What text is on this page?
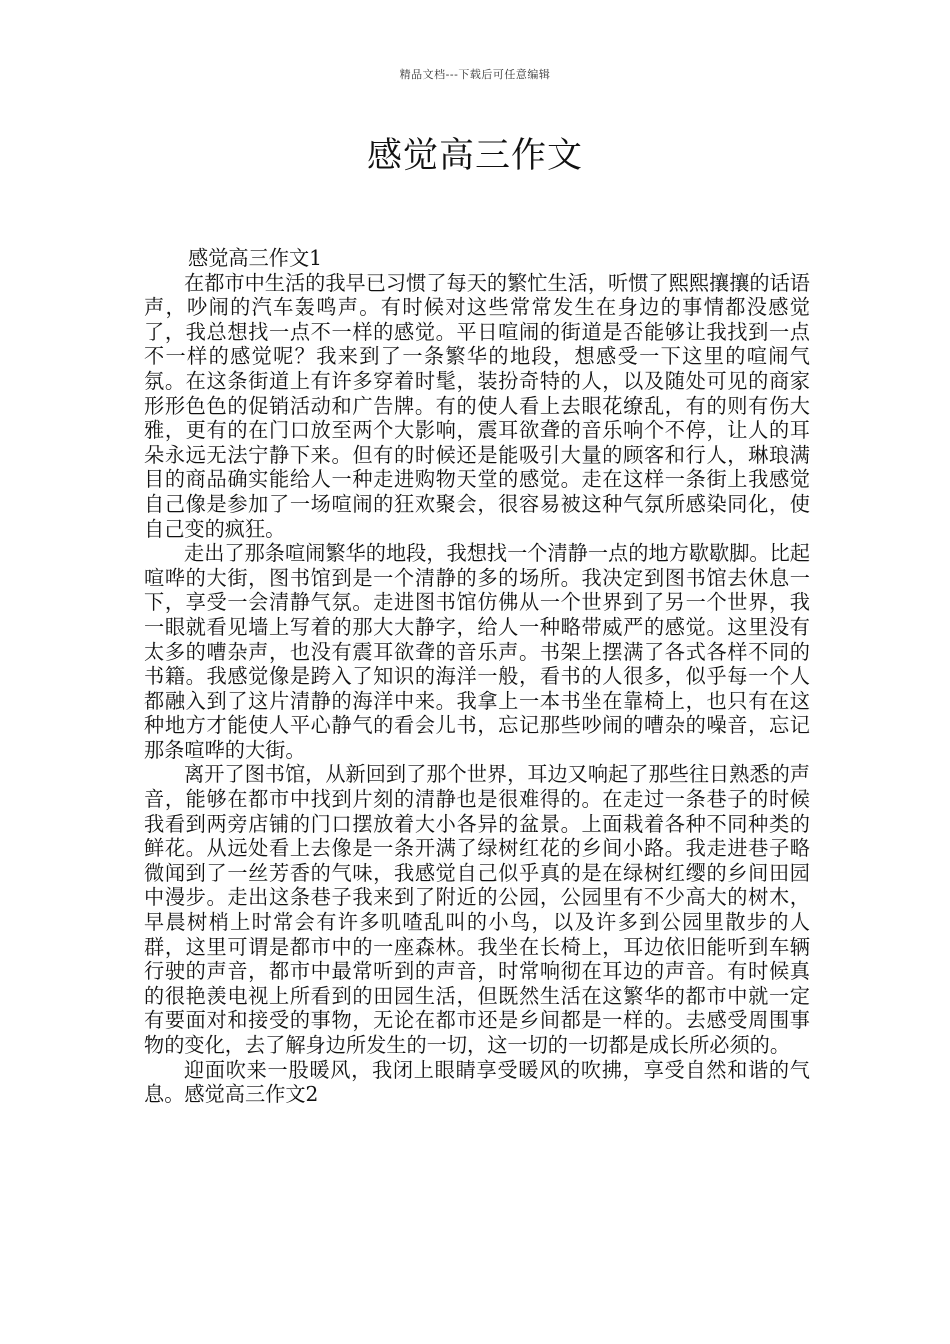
精品文档---下载后可任意编辑
感觉高三作文

感觉高三作文1

在都市中生活的我早已习惯了每天的繁忙生活，听惯了熙熙攘攘的话语声，吵闹的汽车轰鸣声。有时候对这些常常发生在身边的事情都没感觉了，我总想找一点不一样的感觉。平日喧闹的街道是否能够让我找到一点不一样的感觉呢？我来到了一条繁华的地段，想感受一下这里的喧闹气氛。在这条街道上有许多穿着时髦，装扮奇特的人，以及随处可见的商家形形色色的促销活动和广告牌。有的使人看上去眼花缭乱，有的则有伤大雅，更有的在门口放至两个大影响，震耳欲聋的音乐响个不停，让人的耳朵永远无法宁静下来。但有的时候还是能吸引大量的顾客和行人，琳琅满目的商品确实能给人一种走进购物天堂的感觉。走在这样一条街上我感觉自己像是参加了一场喧闹的狂欢聚会，很容易被这种气氛所感染同化，使自己变的疯狂。

走出了那条喧闹繁华的地段，我想找一个清静一点的地方歇歇脚。比起喧哗的大街，图书馆到是一个清静的多的场所。我决定到图书馆去休息一下，享受一会清静气氛。走进图书馆仿佛从一个世界到了另一个世界，我一眼就看见墙上写着的那大大静字，给人一种略带威严的感觉。这里没有太多的嘈杂声，也没有震耳欲聋的音乐声。书架上摆满了各式各样不同的书籍。我感觉像是跨入了知识的海洋一般，看书的人很多，似乎每一个人都融入到了这片清静的海洋中来。我拿上一本书坐在靠椅上，也只有在这种地方才能使人平心静气的看会儿书，忘记那些吵闹的嘈杂的噪音，忘记那条喧哗的大街。

离开了图书馆，从新回到了那个世界，耳边又响起了那些往日熟悉的声音，能够在都市中找到片刻的清静也是很难得的。在走过一条巷子的时候我看到两旁店铺的门口摆放着大小各异的盆景。上面栽着各种不同种类的鲜花。从远处看上去像是一条开满了绿树红花的乡间小路。我走进巷子略微闻到了一丝芳香的气味，我感觉自己似乎真的是在绿树红缨的乡间田园中漫步。走出这条巷子我来到了附近的公园，公园里有不少高大的树木，早晨树梢上时常会有许多叽喳乱叫的小鸟，以及许多到公园里散步的人群，这里可谓是都市中的一座森林。我坐在长椅上，耳边依旧能听到车辆行驶的声音，都市中最常听到的声音，时常响彻在耳边的声音。有时候真的很艳羡电视上所看到的田园生活，但既然生活在这繁华的都市中就一定有要面对和接受的事物，无论在都市还是乡间都是一样的。去感受周围事物的变化，去了解身边所发生的一切，这一切的一切都是成长所必须的。

迎面吹来一股暖风，我闭上眼睛享受暖风的吹拂，享受自然和谐的气息。感觉高三作文2
